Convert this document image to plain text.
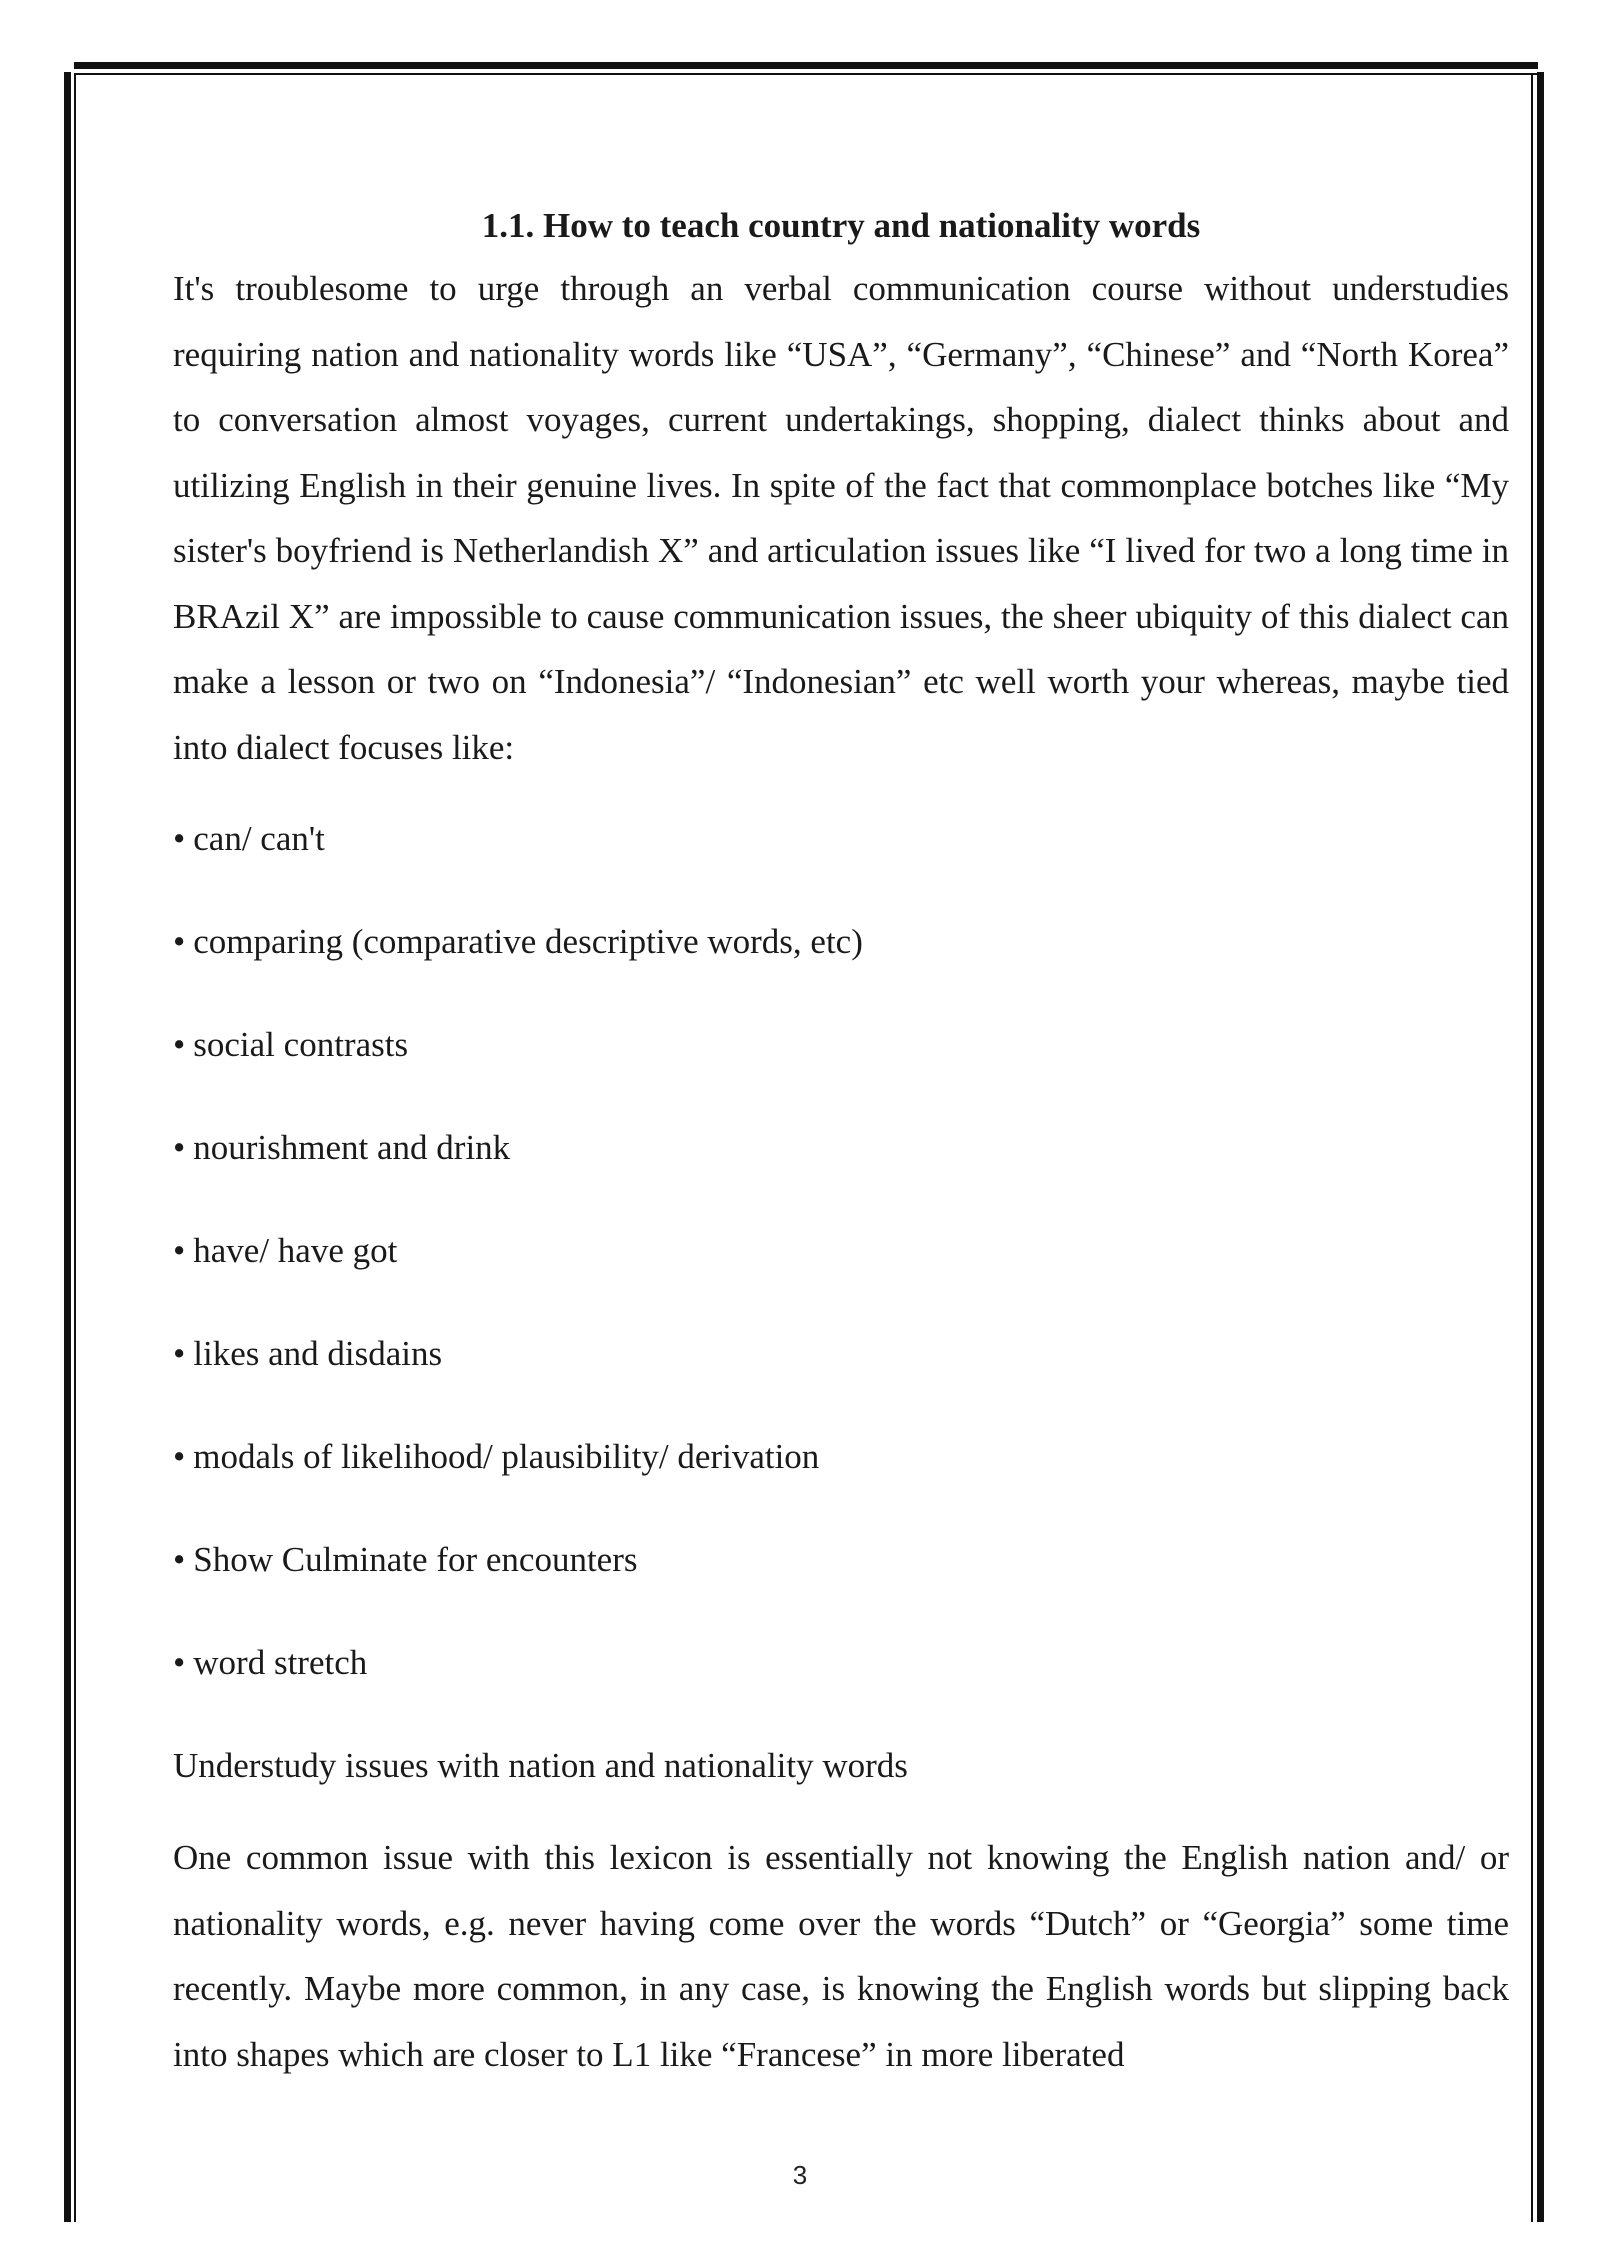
1.1. How to teach country and nationality words

It's troublesome to urge through an verbal communication course without understudies requiring nation and nationality words like “USA”, “Germany”, “Chinese” and “North Korea” to conversation almost voyages, current undertakings, shopping, dialect thinks about and utilizing English in their genuine lives. In spite of the fact that commonplace botches like “My sister's boyfriend is Netherlandish X” and articulation issues like “I lived for two a long time in BRAzil X” are impossible to cause communication issues, the sheer ubiquity of this dialect can make a lesson or two on “Indonesia”/ “Indonesian” etc well worth your whereas, maybe tied into dialect focuses like:

• can/ can't
• comparing (comparative descriptive words, etc)
• social contrasts
• nourishment and drink
• have/ have got
• likes and disdains
• modals of likelihood/ plausibility/ derivation
• Show Culminate for encounters
• word stretch

Understudy issues with nation and nationality words

One common issue with this lexicon is essentially not knowing the English nation and/ or nationality words, e.g. never having come over the words “Dutch” or “Georgia” some time recently. Maybe more common, in any case, is knowing the English words but slipping back into shapes which are closer to L1 like “Francese” in more liberated

3
